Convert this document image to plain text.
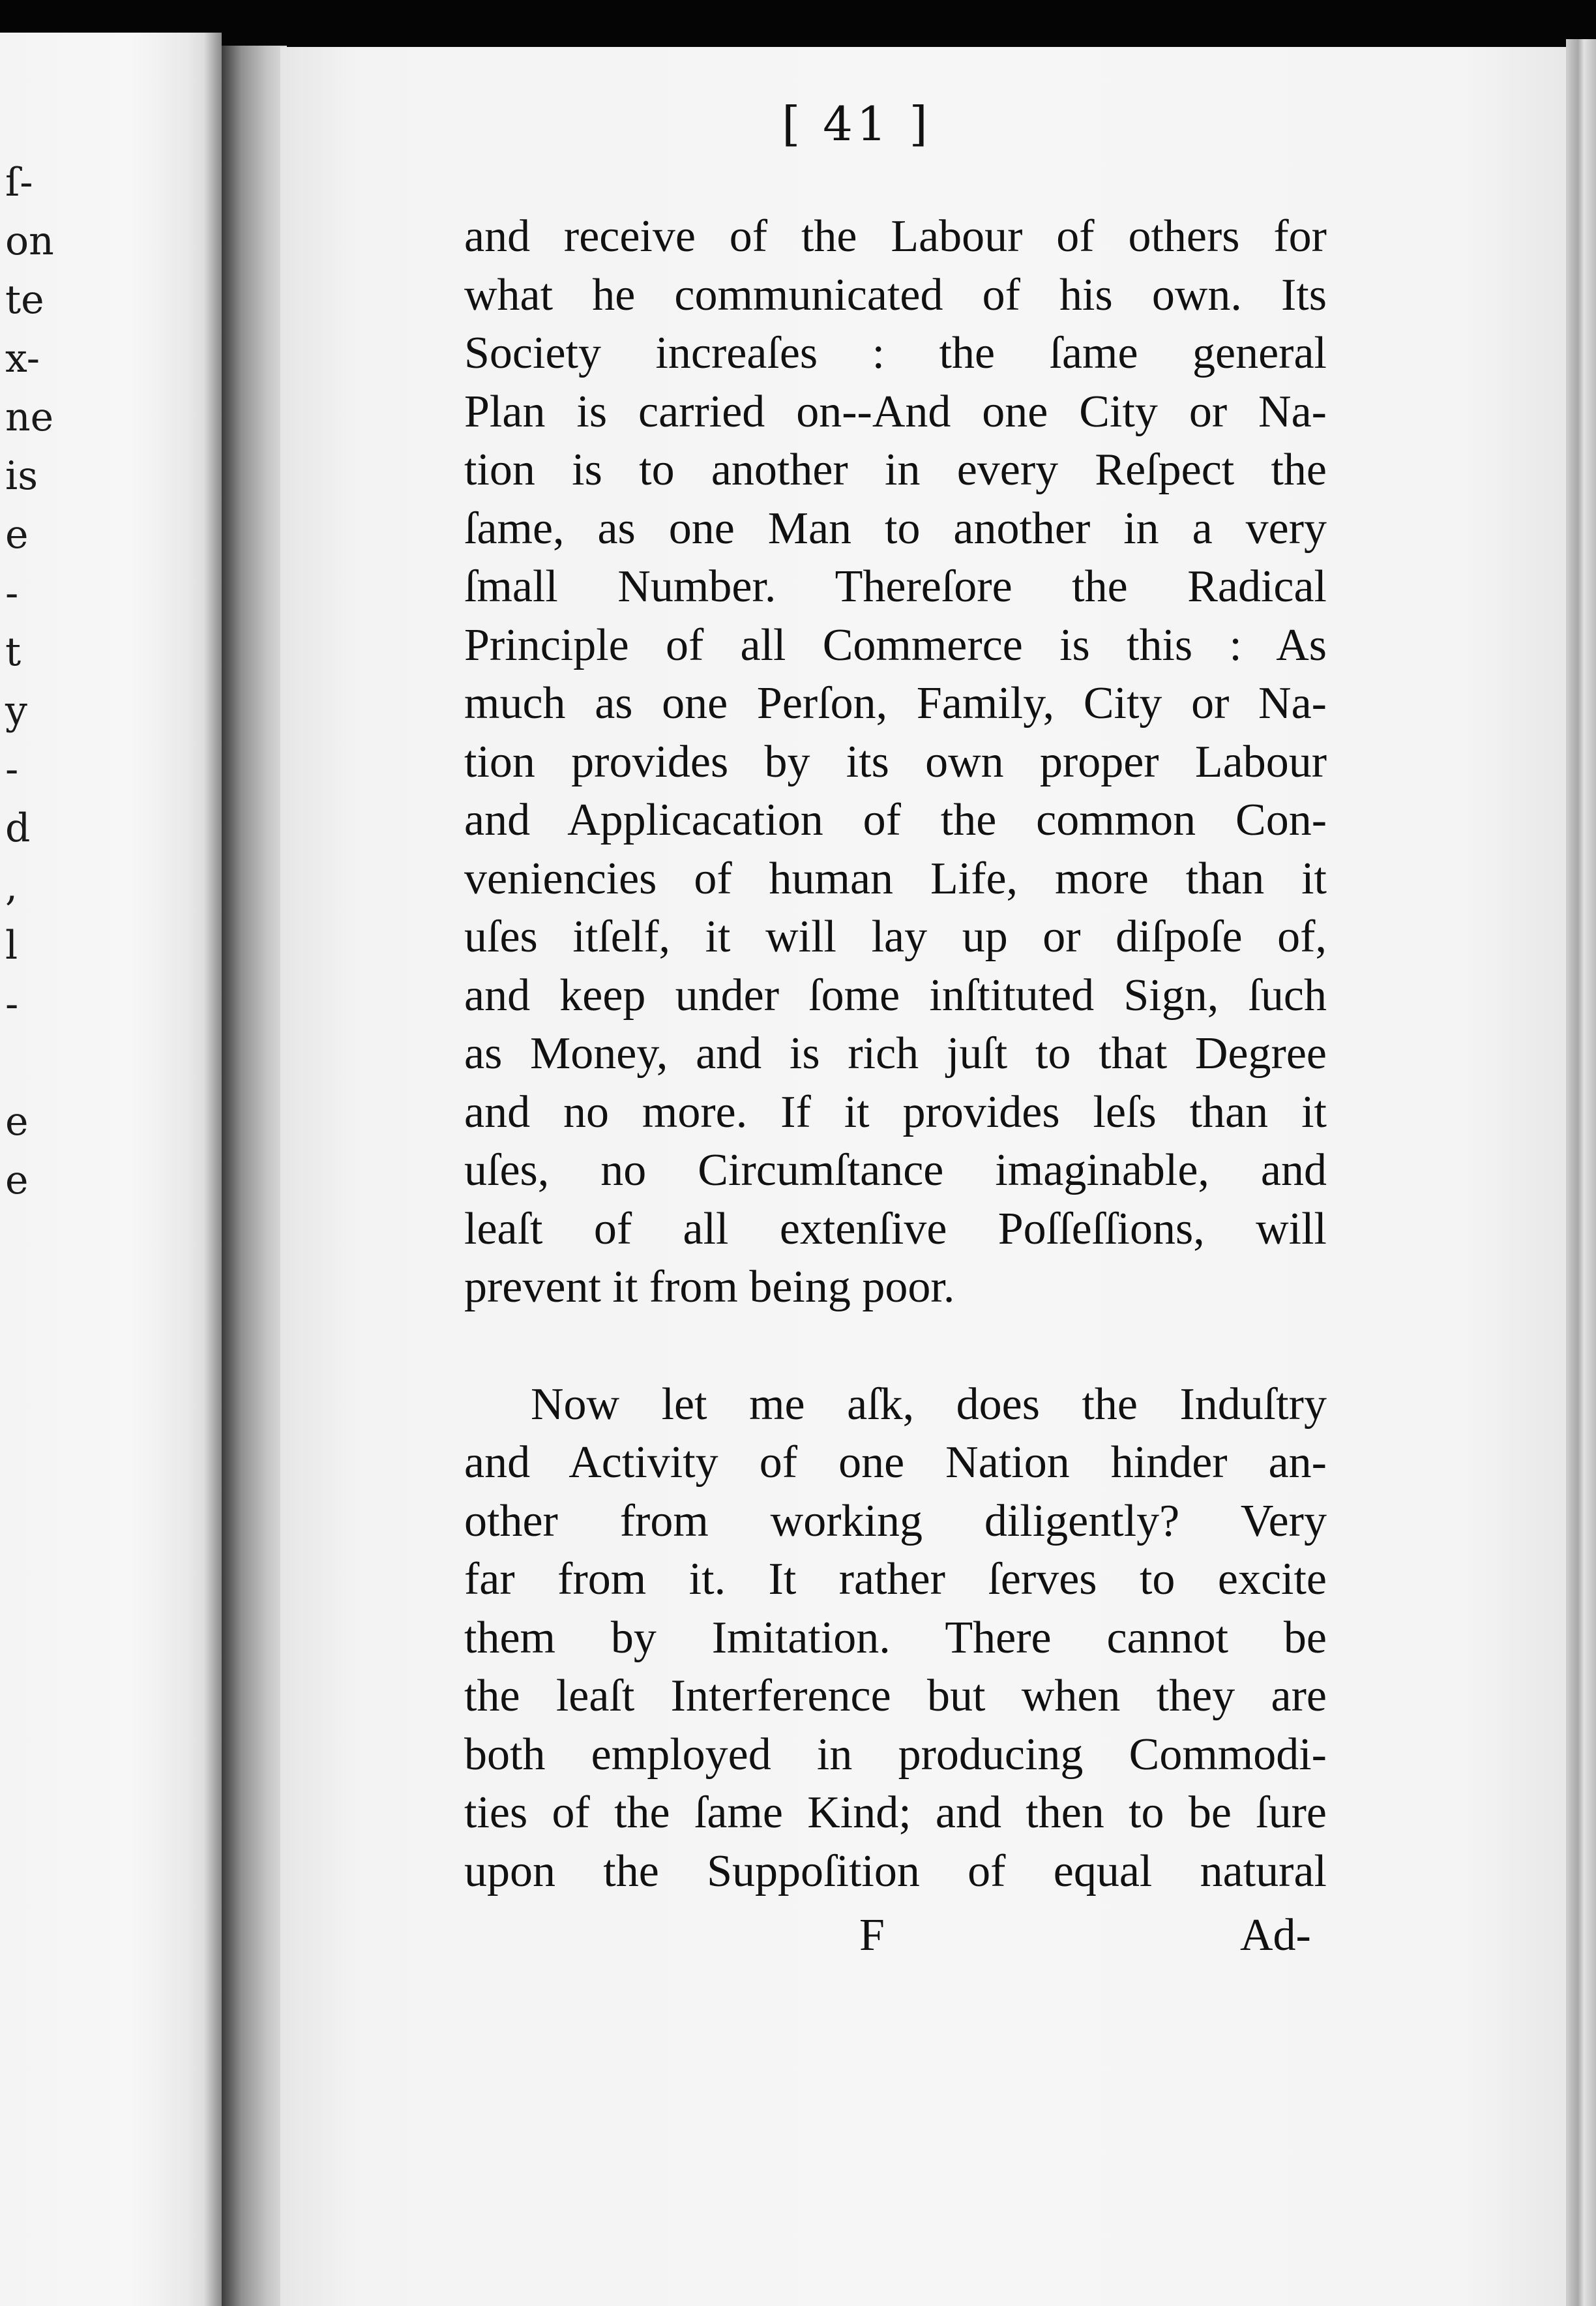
ſ-
on
te
x-
ne
is
e
-
t
y
-
d
,
l
-
e
e
[ 41 ]
and receive of the Labour of others for
what he communicated of his own. Its
Society increaſes : the ſame general
Plan is carried on--And one City or Na-
tion is to another in every Reſpect the
ſame, as one Man to another in a very
ſmall Number. Thereſore the Radical
Principle of all Commerce is this : As
much as one Perſon, Family, City or Na-
tion provides by its own proper Labour
and Applicacation of the common Con-
veniencies of human Life, more than it
uſes itſelf, it will lay up or diſpoſe of,
and keep under ſome inſtituted Sign, ſuch
as Money, and is rich juſt to that Degree
and no more. If it provides leſs than it
uſes, no Circumſtance imaginable, and
leaſt of all extenſive Poſſeſſions, will
prevent it from being poor.
Now let me aſk, does the Induſtry
and Activity of one Nation hinder an-
other from working diligently? Very
far from it. It rather ſerves to excite
them by Imitation. There cannot be
the leaſt Interference but when they are
both employed in producing Commodi-
ties of the ſame Kind; and then to be ſure
upon the Suppoſition of equal natural
F	Ad-
